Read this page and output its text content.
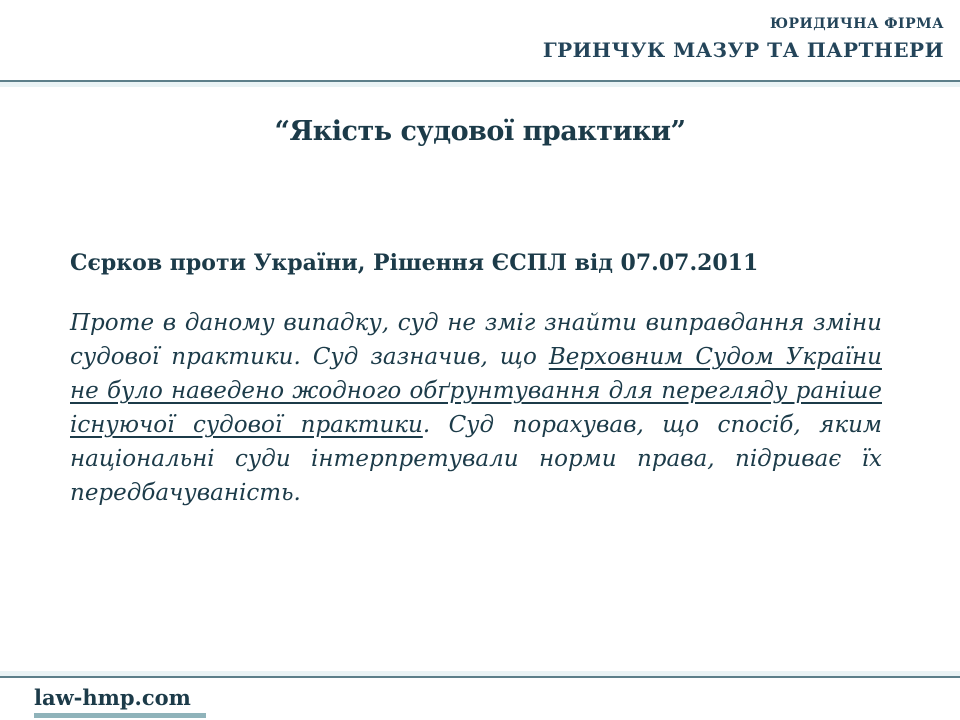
ЮРИДИЧНА ФІРМА
ГРИНЧУК МАЗУР ТА ПАРТНЕРИ
“Якість судової практики”
Сєрков проти України, Рішення ЄСПЛ від 07.07.2011
Проте в даному випадку, суд не зміг знайти виправдання зміни судової практики. Суд зазначив, що Верховним Судом України не було наведено жодного обґрунтування для перегляду раніше існуючої судової практики. Суд порахував, що спосіб, яким національні суди інтерпретували норми права, підриває їх передбачуваність.
law-hmp.com
